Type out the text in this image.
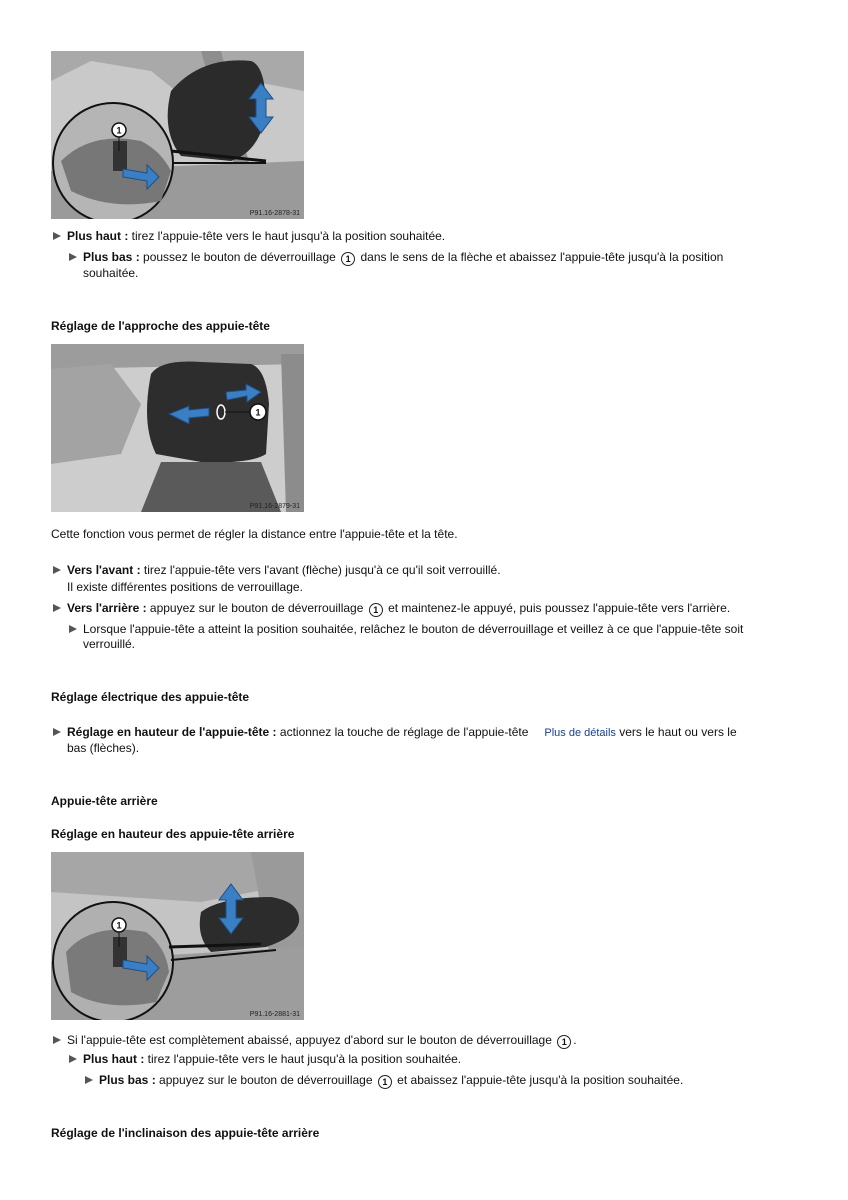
1
P91.16-2878-31
Plus haut : tirez l'appuie-tête vers le haut jusqu'à la position souhaitée.
Plus bas : poussez le bouton de déverrouillage 1 dans le sens de la flèche et abaissez l'appuie-tête jusqu'à la position
souhaitée.
Réglage de l'approche des appuie-tête
1
P91.16-2879-31
Cette fonction vous permet de régler la distance entre l'appuie-tête et la tête.
Vers l'avant : tirez l'appuie-tête vers l'avant (flèche) jusqu'à ce qu'il soit verrouillé.
Il existe différentes positions de verrouillage.
Vers l'arrière : appuyez sur le bouton de déverrouillage 1 et maintenez-le appuyé, puis poussez l'appuie-tête vers l'arrière.
Lorsque l'appuie-tête a atteint la position souhaitée, relâchez le bouton de déverrouillage et veillez à ce que l'appuie-tête soit
verrouillé.
Réglage électrique des appuie-tête
Réglage en hauteur de l'appuie-tête : actionnez la touche de réglage de l'appuie-tête Plus de détails vers le haut ou vers le
bas (flèches).
Appuie-tête arrière
Réglage en hauteur des appuie-tête arrière
1
P91.16-2881-31
Si l'appuie-tête est complètement abaissé, appuyez d'abord sur le bouton de déverrouillage 1 .
Plus haut : tirez l'appuie-tête vers le haut jusqu'à la position souhaitée.
Plus bas : appuyez sur le bouton de déverrouillage 1 et abaissez l'appuie-tête jusqu'à la position souhaitée.
Réglage de l'inclinaison des appuie-tête arrière
